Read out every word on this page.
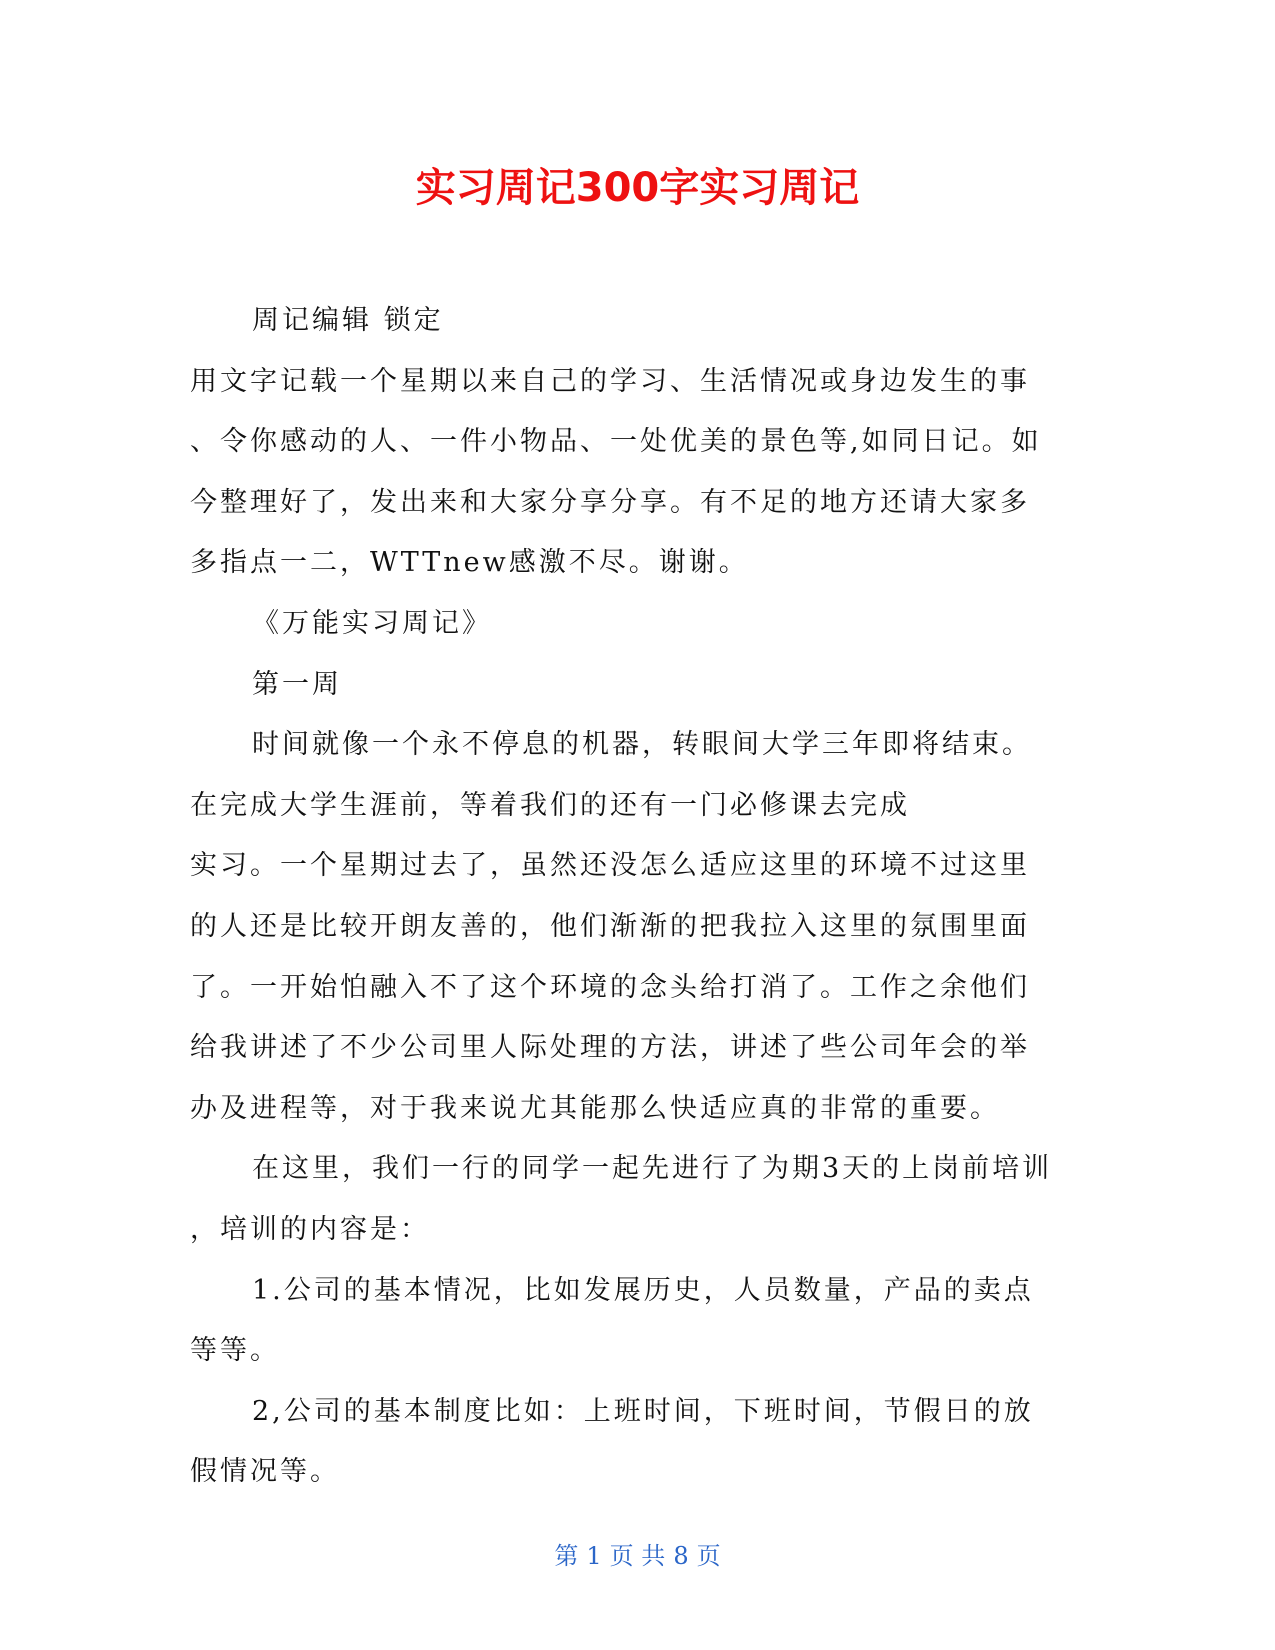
实习周记300字实习周记

周记编辑 锁定

用文字记载一个星期以来自己的学习、生活情况或身边发生的事

、令你感动的人、一件小物品、一处优美的景色等,如同日记。如

今整理好了，发出来和大家分享分享。有不足的地方还请大家多

多指点一二，WTTnew感激不尽。谢谢。

《万能实习周记》

第一周

时间就像一个永不停息的机器，转眼间大学三年即将结束。

在完成大学生涯前，等着我们的还有一门必修课去完成

实习。一个星期过去了，虽然还没怎么适应这里的环境不过这里

的人还是比较开朗友善的，他们渐渐的把我拉入这里的氛围里面

了。一开始怕融入不了这个环境的念头给打消了。工作之余他们

给我讲述了不少公司里人际处理的方法，讲述了些公司年会的举

办及进程等，对于我来说尤其能那么快适应真的非常的重要。

在这里，我们一行的同学一起先进行了为期3天的上岗前培训

，培训的内容是：

1.公司的基本情况，比如发展历史，人员数量，产品的卖点

等等。

2,公司的基本制度比如：上班时间，下班时间，节假日的放

假情况等。

第 1 页 共 8 页
